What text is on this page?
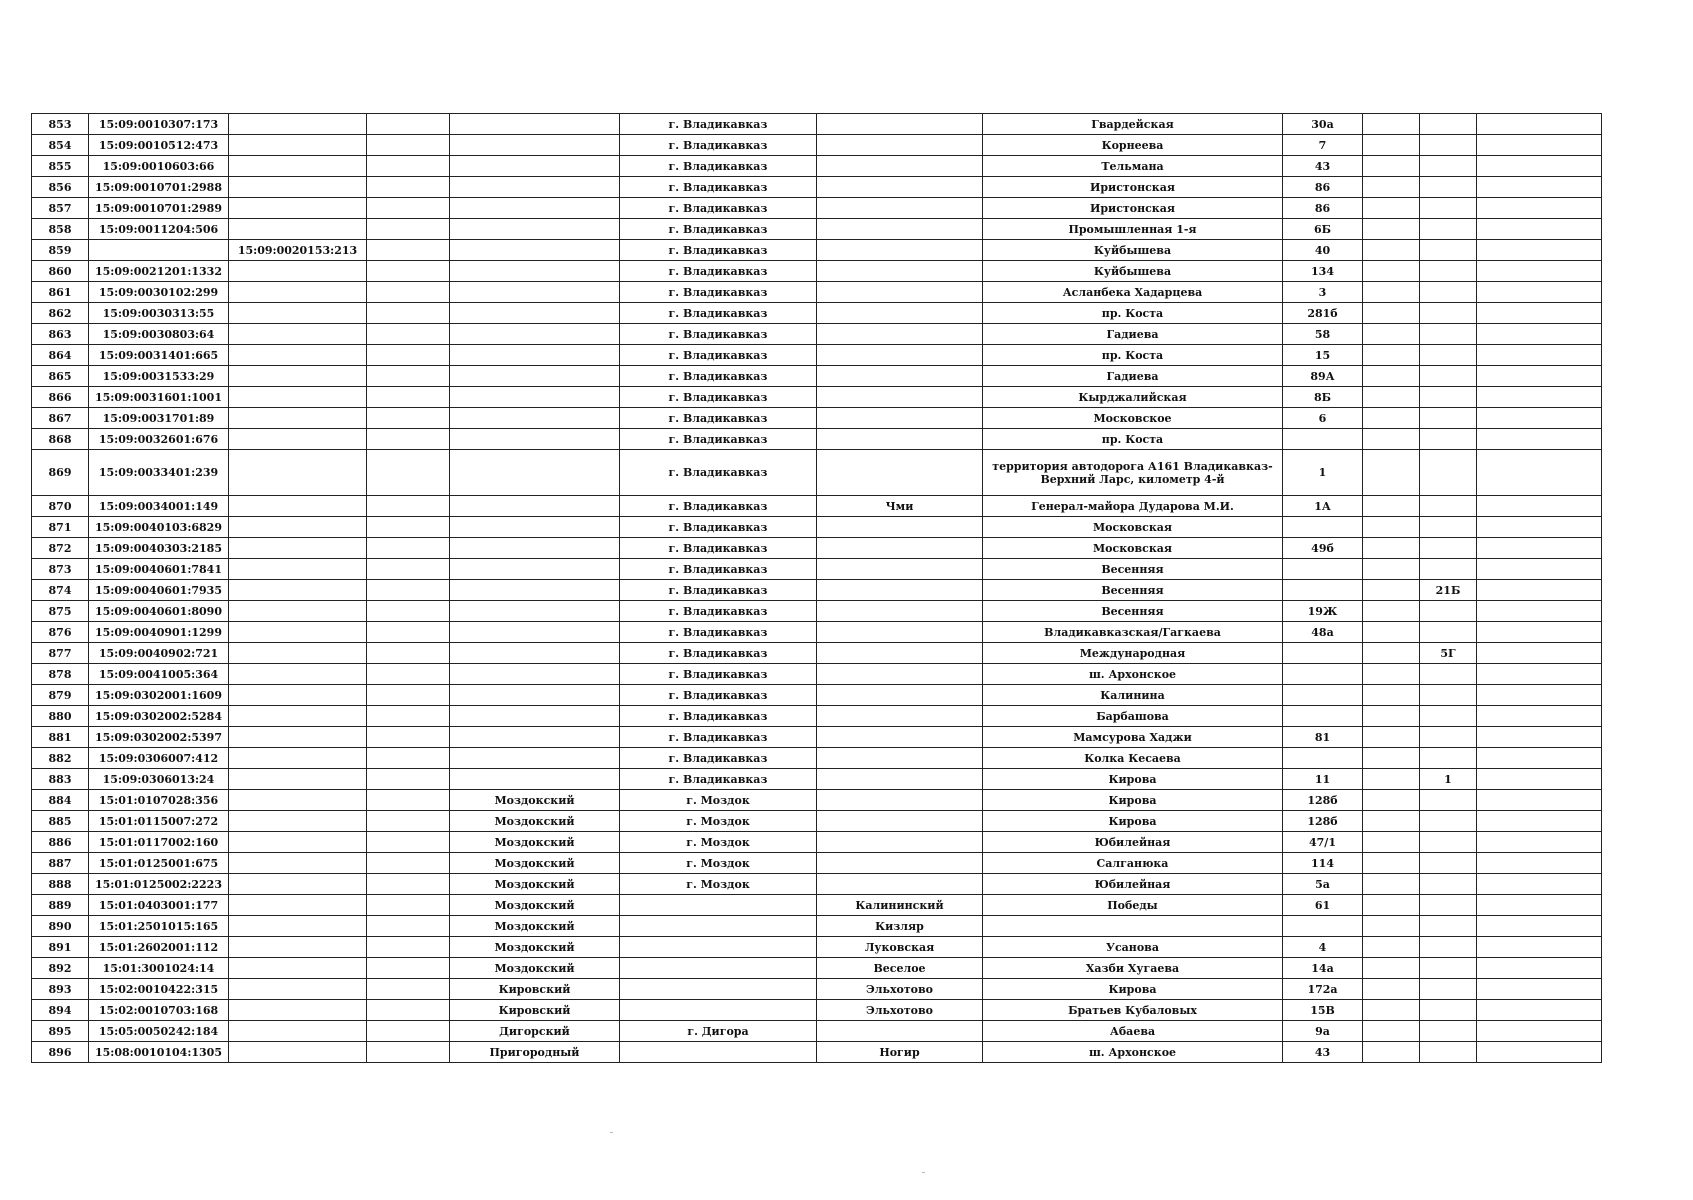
853	15:09:0010307:173				г. Владикавказ		Гвардейская	30а			
854	15:09:0010512:473				г. Владикавказ		Корнеева	7			
855	15:09:0010603:66				г. Владикавказ		Тельмана	43			
856	15:09:0010701:2988				г. Владикавказ		Иристонская	86			
857	15:09:0010701:2989				г. Владикавказ		Иристонская	86			
858	15:09:0011204:506				г. Владикавказ		Промышленная 1-я	6Б			
859		15:09:0020153:213			г. Владикавказ		Куйбышева	40			
860	15:09:0021201:1332				г. Владикавказ		Куйбышева	134			
861	15:09:0030102:299				г. Владикавказ		Асланбека Хадарцева	3			
862	15:09:0030313:55				г. Владикавказ		пр. Коста	281б			
863	15:09:0030803:64				г. Владикавказ		Гадиева	58			
864	15:09:0031401:665				г. Владикавказ		пр. Коста	15			
865	15:09:0031533:29				г. Владикавказ		Гадиева	89А			
866	15:09:0031601:1001				г. Владикавказ		Кырджалийская	8Б			
867	15:09:0031701:89				г. Владикавказ		Московское	6			
868	15:09:0032601:676				г. Владикавказ		пр. Коста				
869	15:09:0033401:239				г. Владикавказ		территория автодорога А161 Владикавказ-Верхний Ларс, километр 4-й	1			
870	15:09:0034001:149				г. Владикавказ	Чми	Генерал-майора Дударова М.И.	1А			
871	15:09:0040103:6829				г. Владикавказ		Московская				
872	15:09:0040303:2185				г. Владикавказ		Московская	49б			
873	15:09:0040601:7841				г. Владикавказ		Весенняя				
874	15:09:0040601:7935				г. Владикавказ		Весенняя			21Б	
875	15:09:0040601:8090				г. Владикавказ		Весенняя	19Ж			
876	15:09:0040901:1299				г. Владикавказ		Владикавказская/Гагкаева	48а			
877	15:09:0040902:721				г. Владикавказ		Международная			5Г	
878	15:09:0041005:364				г. Владикавказ		ш. Архонское				
879	15:09:0302001:1609				г. Владикавказ		Калинина				
880	15:09:0302002:5284				г. Владикавказ		Барбашова				
881	15:09:0302002:5397				г. Владикавказ		Мамсурова Хаджи	81			
882	15:09:0306007:412				г. Владикавказ		Колка Кесаева				
883	15:09:0306013:24				г. Владикавказ		Кирова	11		1	
884	15:01:0107028:356			Моздокский	г. Моздок		Кирова	128б			
885	15:01:0115007:272			Моздокский	г. Моздок		Кирова	128б			
886	15:01:0117002:160			Моздокский	г. Моздок		Юбилейная	47/1			
887	15:01:0125001:675			Моздокский	г. Моздок		Салганюка	114			
888	15:01:0125002:2223			Моздокский	г. Моздок		Юбилейная	5а			
889	15:01:0403001:177			Моздокский		Калининский	Победы	61			
890	15:01:2501015:165			Моздокский		Кизляр					
891	15:01:2602001:112			Моздокский		Луковская	Усанова	4			
892	15:01:3001024:14			Моздокский		Веселое	Хазби Хугаева	14а			
893	15:02:0010422:315			Кировский		Эльхотово	Кирова	172а			
894	15:02:0010703:168			Кировский		Эльхотово	Братьев Кубаловых	15В			
895	15:05:0050242:184			Дигорский	г. Дигора		Абаева	9а			
896	15:08:0010104:1305			Пригородный		Ногир	ш. Архонское	43			
